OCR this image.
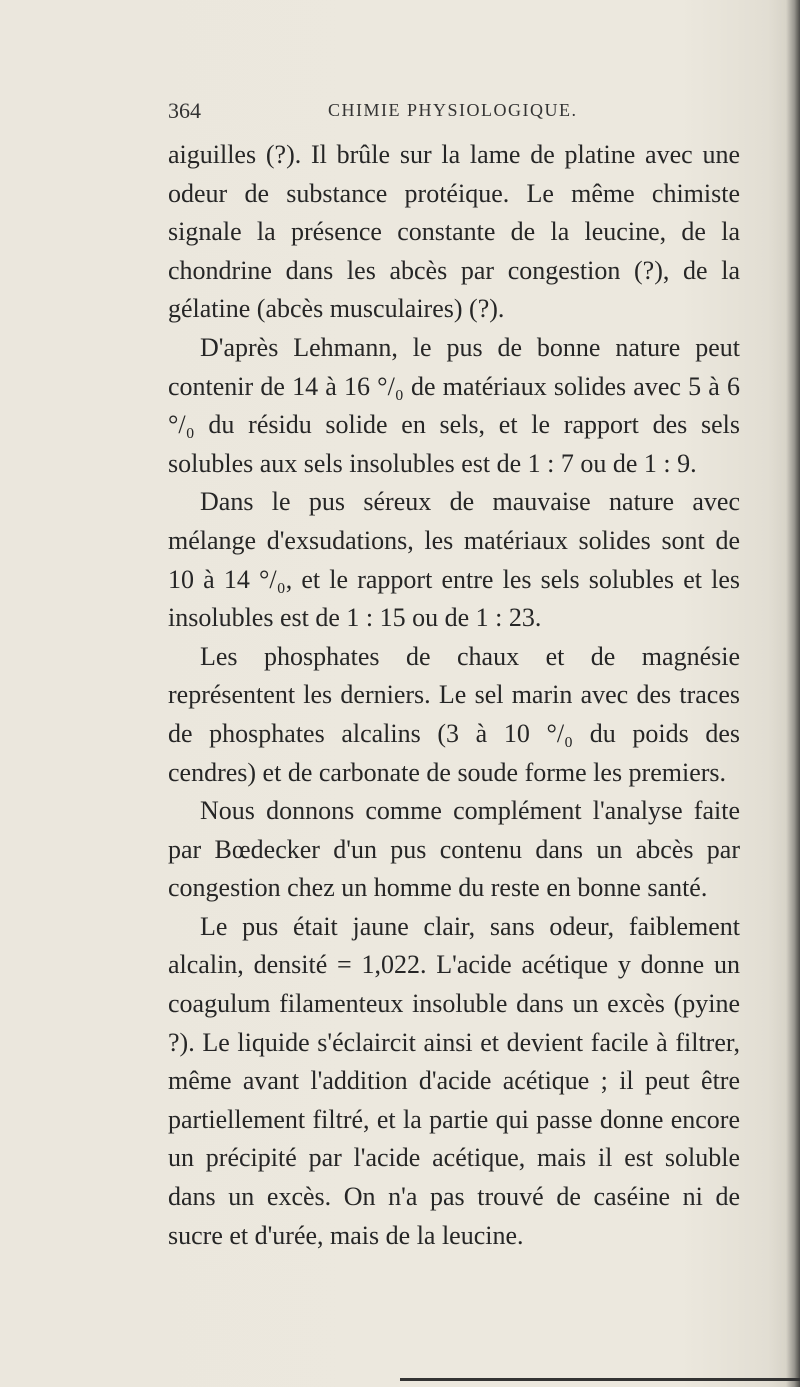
364	CHIMIE PHYSIOLOGIQUE.

aiguilles (?). Il brûle sur la lame de platine avec une odeur de substance protéique. Le même chimiste signale la présence constante de la leucine, de la chondrine dans les abcès par congestion (?), de la gélatine (abcès musculaires) (?).

D'après Lehmann, le pus de bonne nature peut contenir de 14 à 16 °/₀ de matériaux solides avec 5 à 6 °/₀ du résidu solide en sels, et le rapport des sels solubles aux sels insolubles est de 1 : 7 ou de 1 : 9.

Dans le pus séreux de mauvaise nature avec mélange d'exsudations, les matériaux solides sont de 10 à 14 °/₀, et le rapport entre les sels solubles et les insolubles est de 1 : 15 ou de 1 : 23.

Les phosphates de chaux et de magnésie représentent les derniers. Le sel marin avec des traces de phosphates alcalins (3 à 10 °/₀ du poids des cendres) et de carbonate de soude forme les premiers.

Nous donnons comme complément l'analyse faite par Bœdecker d'un pus contenu dans un abcès par congestion chez un homme du reste en bonne santé.

Le pus était jaune clair, sans odeur, faiblement alcalin, densité = 1,022. L'acide acétique y donne un coagulum filamenteux insoluble dans un excès (pyine ?). Le liquide s'éclaircit ainsi et devient facile à filtrer, même avant l'addition d'acide acétique ; il peut être partiellement filtré, et la partie qui passe donne encore un précipité par l'acide acétique, mais il est soluble dans un excès. On n'a pas trouvé de caséine ni de sucre et d'urée, mais de la leucine.
